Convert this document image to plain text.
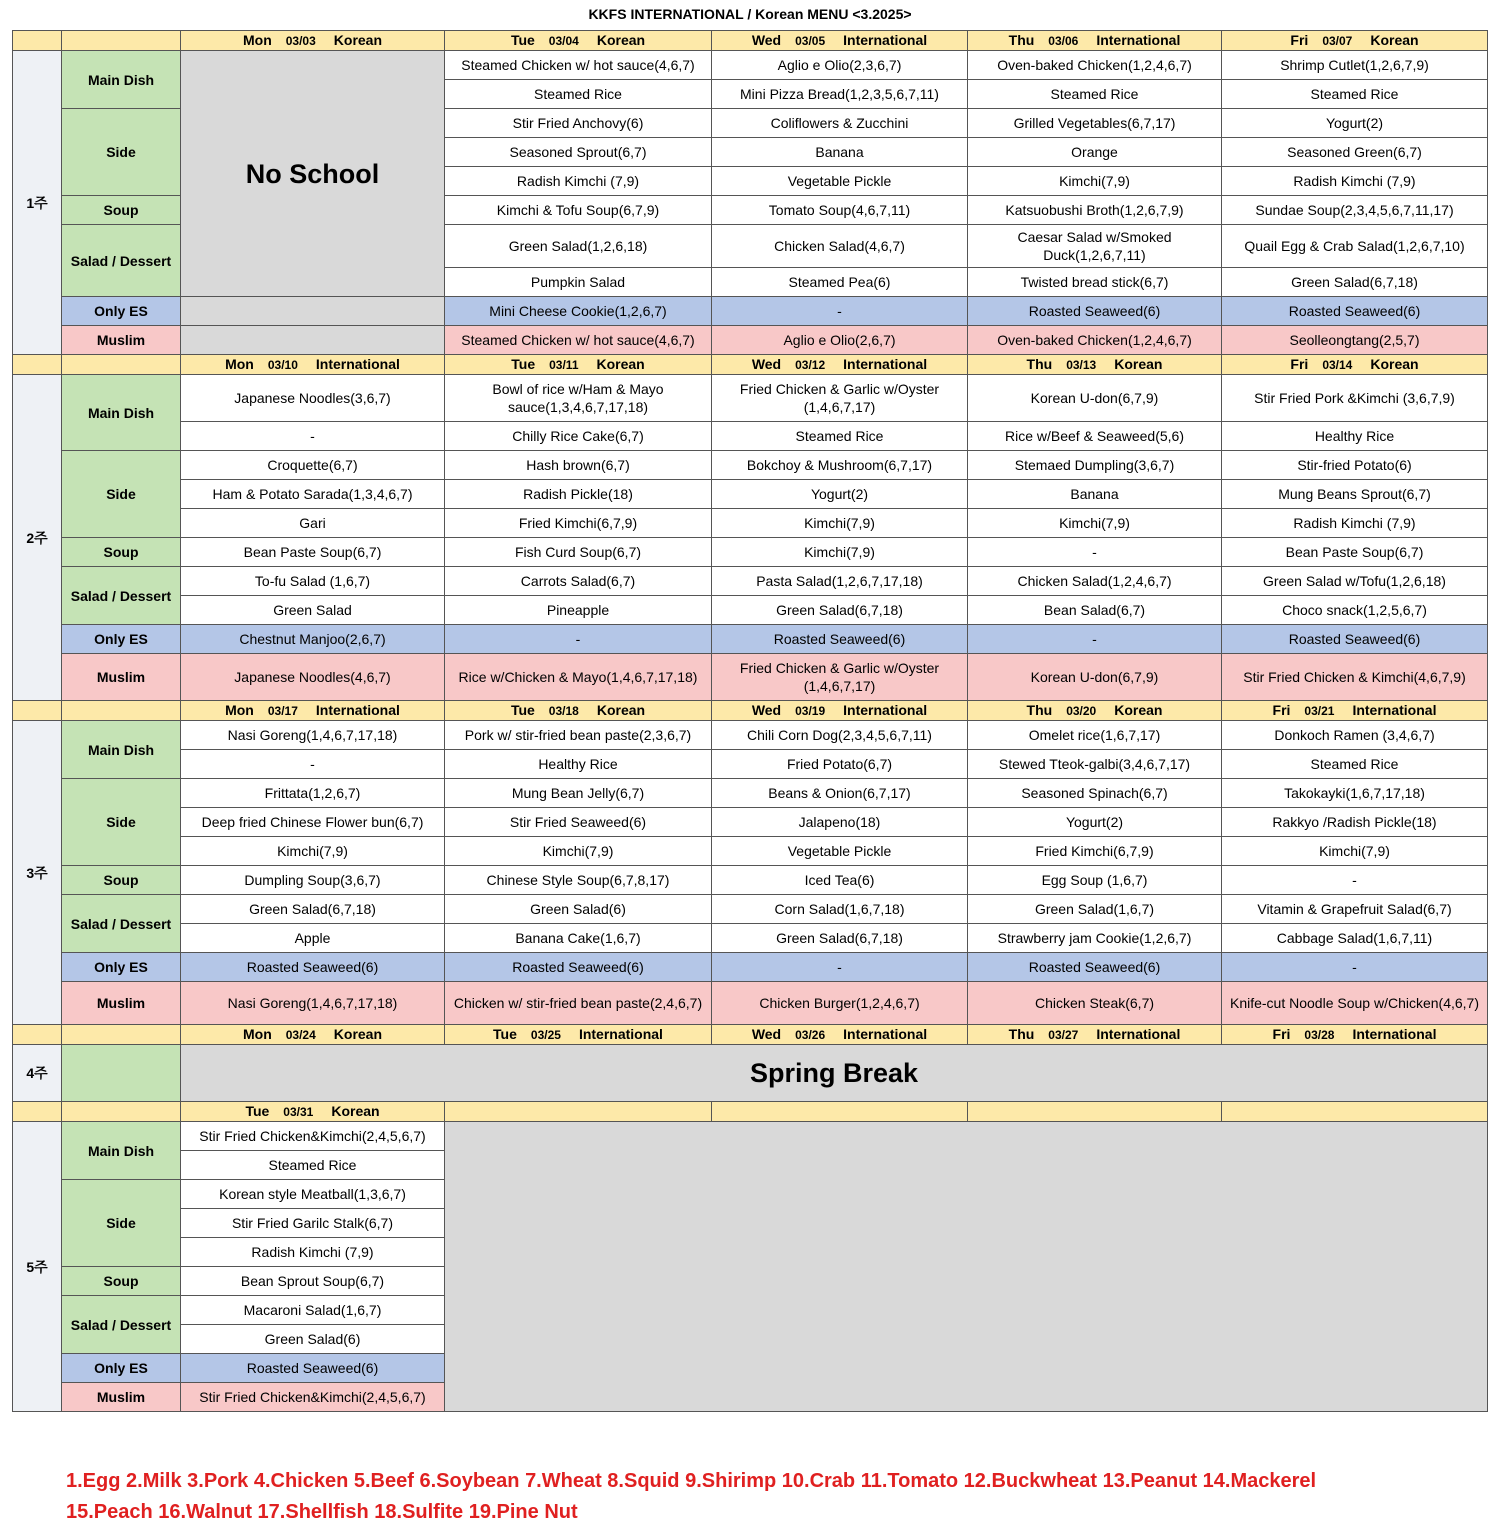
KKFS INTERNATIONAL / Korean MENU <3.2025>
		Mon 03/03 Korean	Tue 03/04 Korean	Wed 03/05 International	Thu 03/06 International	Fri 03/07 Korean
1주	Main Dish	No School	Steamed Chicken w/ hot sauce(4,6,7)	Aglio e Olio(2,3,6,7)	Oven-baked Chicken(1,2,4,6,7)	Shrimp Cutlet(1,2,6,7,9)
			Steamed Rice	Mini Pizza Bread(1,2,3,5,6,7,11)	Steamed Rice	Steamed Rice
	Side		Stir Fried Anchovy(6)	Coliflowers & Zucchini	Grilled Vegetables(6,7,17)	Yogurt(2)
			Seasoned Sprout(6,7)	Banana	Orange	Seasoned Green(6,7)
			Radish Kimchi (7,9)	Vegetable Pickle	Kimchi(7,9)	Radish Kimchi (7,9)
	Soup		Kimchi & Tofu Soup(6,7,9)	Tomato Soup(4,6,7,11)	Katsuobushi Broth(1,2,6,7,9)	Sundae Soup(2,3,4,5,6,7,11,17)
	Salad / Dessert		Green Salad(1,2,6,18)	Chicken Salad(4,6,7)	Caesar Salad w/Smoked Duck(1,2,6,7,11)	Quail Egg & Crab Salad(1,2,6,7,10)
			Pumpkin Salad	Steamed Pea(6)	Twisted bread stick(6,7)	Green Salad(6,7,18)
	Only ES		Mini Cheese Cookie(1,2,6,7)	-	Roasted Seaweed(6)	Roasted Seaweed(6)
	Muslim		Steamed Chicken w/ hot sauce(4,6,7)	Aglio e Olio(2,6,7)	Oven-baked Chicken(1,2,4,6,7)	Seolleongtang(2,5,7)
		Mon 03/10 International	Tue 03/11 Korean	Wed 03/12 International	Thu 03/13 Korean	Fri 03/14 Korean
2주	Main Dish	Japanese Noodles(3,6,7)	Bowl of rice w/Ham & Mayo sauce(1,3,4,6,7,17,18)	Fried Chicken & Garlic w/Oyster (1,4,6,7,17)	Korean U-don(6,7,9)	Stir Fried Pork &Kimchi (3,6,7,9)
		-	Chilly Rice Cake(6,7)	Steamed Rice	Rice w/Beef & Seaweed(5,6)	Healthy Rice
	Side	Croquette(6,7)	Hash brown(6,7)	Bokchoy & Mushroom(6,7,17)	Stemaed Dumpling(3,6,7)	Stir-fried Potato(6)
		Ham & Potato Sarada(1,3,4,6,7)	Radish Pickle(18)	Yogurt(2)	Banana	Mung Beans Sprout(6,7)
		Gari	Fried Kimchi(6,7,9)	Kimchi(7,9)	Kimchi(7,9)	Radish Kimchi (7,9)
	Soup	Bean Paste Soup(6,7)	Fish Curd Soup(6,7)	Kimchi(7,9)	-	Bean Paste Soup(6,7)
	Salad / Dessert	To-fu Salad (1,6,7)	Carrots Salad(6,7)	Pasta Salad(1,2,6,7,17,18)	Chicken Salad(1,2,4,6,7)	Green Salad w/Tofu(1,2,6,18)
		Green Salad	Pineapple	Green Salad(6,7,18)	Bean Salad(6,7)	Choco snack(1,2,5,6,7)
	Only ES	Chestnut Manjoo(2,6,7)	-	Roasted Seaweed(6)	-	Roasted Seaweed(6)
	Muslim	Japanese Noodles(4,6,7)	Rice w/Chicken & Mayo(1,4,6,7,17,18)	Fried Chicken & Garlic w/Oyster (1,4,6,7,17)	Korean U-don(6,7,9)	Stir Fried Chicken & Kimchi(4,6,7,9)
		Mon 03/17 International	Tue 03/18 Korean	Wed 03/19 International	Thu 03/20 Korean	Fri 03/21 International
3주	Main Dish	Nasi Goreng(1,4,6,7,17,18)	Pork w/ stir-fried bean paste(2,3,6,7)	Chili Corn Dog(2,3,4,5,6,7,11)	Omelet rice(1,6,7,17)	Donkoch Ramen (3,4,6,7)
		-	Healthy Rice	Fried Potato(6,7)	Stewed Tteok-galbi(3,4,6,7,17)	Steamed Rice
	Side	Frittata(1,2,6,7)	Mung Bean Jelly(6,7)	Beans & Onion(6,7,17)	Seasoned Spinach(6,7)	Takokayki(1,6,7,17,18)
		Deep fried Chinese Flower bun(6,7)	Stir Fried Seaweed(6)	Jalapeno(18)	Yogurt(2)	Rakkyo /Radish Pickle(18)
		Kimchi(7,9)	Kimchi(7,9)	Vegetable Pickle	Fried Kimchi(6,7,9)	Kimchi(7,9)
	Soup	Dumpling Soup(3,6,7)	Chinese Style Soup(6,7,8,17)	Iced Tea(6)	Egg Soup (1,6,7)	-
	Salad / Dessert	Green Salad(6,7,18)	Green Salad(6)	Corn Salad(1,6,7,18)	Green Salad(1,6,7)	Vitamin & Grapefruit Salad(6,7)
		Apple	Banana Cake(1,6,7)	Green Salad(6,7,18)	Strawberry jam Cookie(1,2,6,7)	Cabbage Salad(1,6,7,11)
	Only ES	Roasted Seaweed(6)	Roasted Seaweed(6)	-	Roasted Seaweed(6)	-
	Muslim	Nasi Goreng(1,4,6,7,17,18)	Chicken w/ stir-fried bean paste(2,4,6,7)	Chicken Burger(1,2,4,6,7)	Chicken Steak(6,7)	Knife-cut Noodle Soup w/Chicken(4,6,7)
		Mon 03/24 Korean	Tue 03/25 International	Wed 03/26 International	Thu 03/27 International	Fri 03/28 International
4주		Spring Break				
		Tue 03/31 Korean				
5주	Main Dish	Stir Fried Chicken&Kimchi(2,4,5,6,7)				
		Steamed Rice				
	Side	Korean style Meatball(1,3,6,7)				
		Stir Fried Garilc Stalk(6,7)				
		Radish Kimchi (7,9)				
	Soup	Bean Sprout Soup(6,7)				
	Salad / Dessert	Macaroni Salad(1,6,7)				
		Green Salad(6)				
	Only ES	Roasted Seaweed(6)				
	Muslim	Stir Fried Chicken&Kimchi(2,4,5,6,7)				
1.Egg 2.Milk 3.Pork 4.Chicken 5.Beef 6.Soybean 7.Wheat 8.Squid 9.Shirimp 10.Crab 11.Tomato 12.Buckwheat 13.Peanut 14.Mackerel
15.Peach 16.Walnut 17.Shellfish 18.Sulfite 19.Pine Nut
